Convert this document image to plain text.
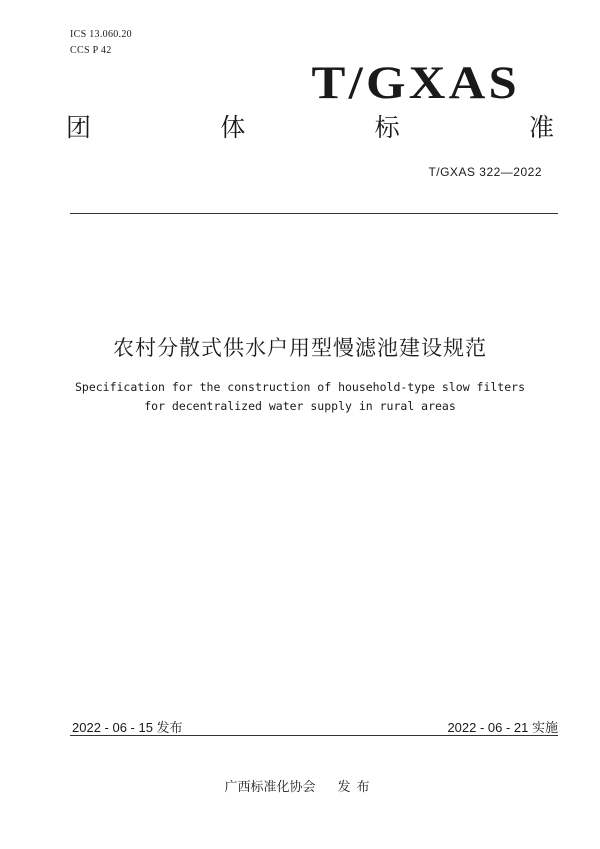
ICS 13.060.20
CCS P 42
T/GXAS
团	体	标	准
T/GXAS 322—2022
农村分散式供水户用型慢滤池建设规范
Specification for the construction of household-type slow filters
for decentralized water supply in rural areas
2022 - 06 - 15 发布	2022 - 06 - 21 实施
广西标准化协会 发布
